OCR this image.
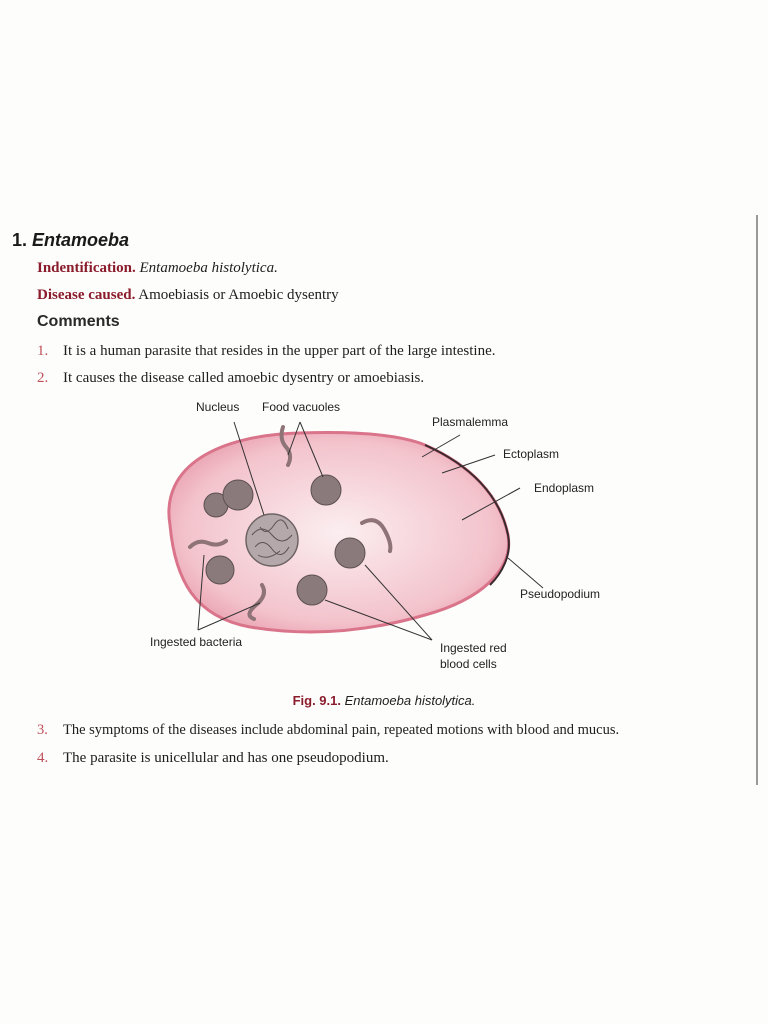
1. Entamoeba
Indentification. Entamoeba histolytica.
Disease caused. Amoebiasis or Amoebic dysentry
Comments
1. It is a human parasite that resides in the upper part of the large intestine.
2. It causes the disease called amoebic dysentry or amoebiasis.
Nucleus Food vacuoles
Plasmalemma
Ectoplasm
Endoplasm
Pseudopodium
Ingested bacteria	Ingested red
blood cells
Fig. 9.1. Entamoeba histolytica.
3. The symptoms of the diseases include abdominal pain, repeated motions with blood and mucus.
4. The parasite is unicellular and has one pseudopodium.
